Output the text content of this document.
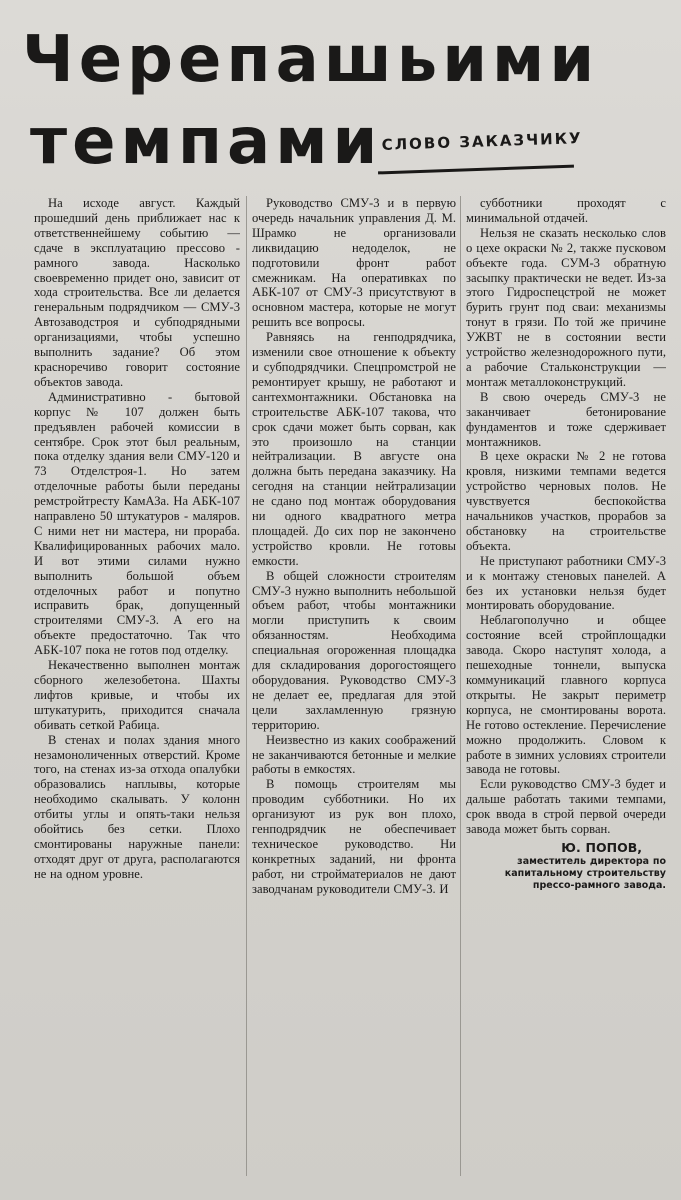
Черепашьими
темпами
СЛОВО ЗАКАЗЧИКУ

На исходе август. Каждый прошедший день приближает нас к ответственнейшему событию — сдаче в эксплуатацию прессово - рамного завода. Насколько своевременно придет оно, зависит от хода строительства. Все ли делается генеральным подрядчиком — СМУ-3 Автозаводстроя и субподрядными организациями, чтобы успешно выполнить задание? Об этом красноречиво говорит состояние объектов завода.

Административно - бытовой корпус № 107 должен быть предъявлен рабочей комиссии в сентябре. Срок этот был реальным, пока отделку здания вели СМУ-120 и 73 Отделстроя-1. Но затем отделочные работы были переданы ремстройтресту КамАЗа. На АБК-107 направлено 50 штукатуров - маляров. С ними нет ни мастера, ни прораба. Квалифицированных рабочих мало. И вот этими силами нужно выполнить большой объем отделочных работ и попутно исправить брак, допущенный строителями СМУ-3. А его на объекте предостаточно. Так что АБК-107 пока не готов под отделку.

Некачественно выполнен монтаж сборного железобетона. Шахты лифтов кривые, и чтобы их штукатурить, приходится сначала обивать сеткой Рабица.

В стенах и полах здания много незамоноличенных отверстий. Кроме того, на стенах из-за отхода опалубки образовались наплывы, которые необходимо скалывать. У колонн отбиты углы и опять-таки нельзя обойтись без сетки. Плохо смонтированы наружные панели: отходят друг от друга, располагаются не на одном уровне.

Руководство СМУ-3 и в первую очередь начальник управления Д. М. Шрамко не организовали ликвидацию недоделок, не подготовили фронт работ смежникам. На оперативках по АБК-107 от СМУ-3 присутствуют в основном мастера, которые не могут решить все вопросы.

Равняясь на генподрядчика, изменили свое отношение к объекту и субподрядчики. Спецпромстрой не ремонтирует крышу, не работают и сантехмонтажники. Обстановка на строительстве АБК-107 такова, что срок сдачи может быть сорван, как это произошло на станции нейтрализации. В августе она должна быть передана заказчику. На сегодня на станции нейтрализации не сдано под монтаж оборудования ни одного квадратного метра площадей. До сих пор не закончено устройство кровли. Не готовы емкости.

В общей сложности строителям СМУ-3 нужно выполнить небольшой объем работ, чтобы монтажники могли приступить к своим обязанностям. Необходима специальная огороженная площадка для складирования дорогостоящего оборудования. Руководство СМУ-3 не делает ее, предлагая для этой цели захламленную грязную территорию.

Неизвестно из каких соображений не заканчиваются бетонные и мелкие работы в емкостях.

В помощь строителям мы проводим субботники. Но их организуют из рук вон плохо, генподрядчик не обеспечивает техническое руководство. Ни конкретных заданий, ни фронта работ, ни стройматериалов не дают заводчанам руководители СМУ-3. И

субботники проходят с минимальной отдачей.

Нельзя не сказать несколько слов о цехе окраски № 2, также пусковом объекте года. СУМ-3 обратную засыпку практически не ведет. Из-за этого Гидроспецстрой не может бурить грунт под сваи: механизмы тонут в грязи. По той же причине УЖВТ не в состоянии вести устройство железнодорожного пути, а рабочие Стальконструкции — монтаж металлоконструкций.

В свою очередь СМУ-3 не заканчивает бетонирование фундаментов и тоже сдерживает монтажников.

В цехе окраски № 2 не готова кровля, низкими темпами ведется устройство черновых полов. Не чувствуется беспокойства начальников участков, прорабов за обстановку на строительстве объекта.

Не приступают работники СМУ-3 и к монтажу стеновых панелей. А без их установки нельзя будет монтировать оборудование.

Неблагополучно и общее состояние всей стройплощадки завода. Скоро наступят холода, а пешеходные тоннели, выпуска коммуникаций главного корпуса открыты. Не закрыт периметр корпуса, не смонтированы ворота. Не готово остекление. Перечисление можно продолжить. Словом к работе в зимних условиях строители завода не готовы.

Если руководство СМУ-3 будет и дальше работать такими темпами, срок ввода в строй первой очереди завода может быть сорван.

Ю. ПОПОВ,
заместитель директора по капитальному строительству прессо-рамного завода.
